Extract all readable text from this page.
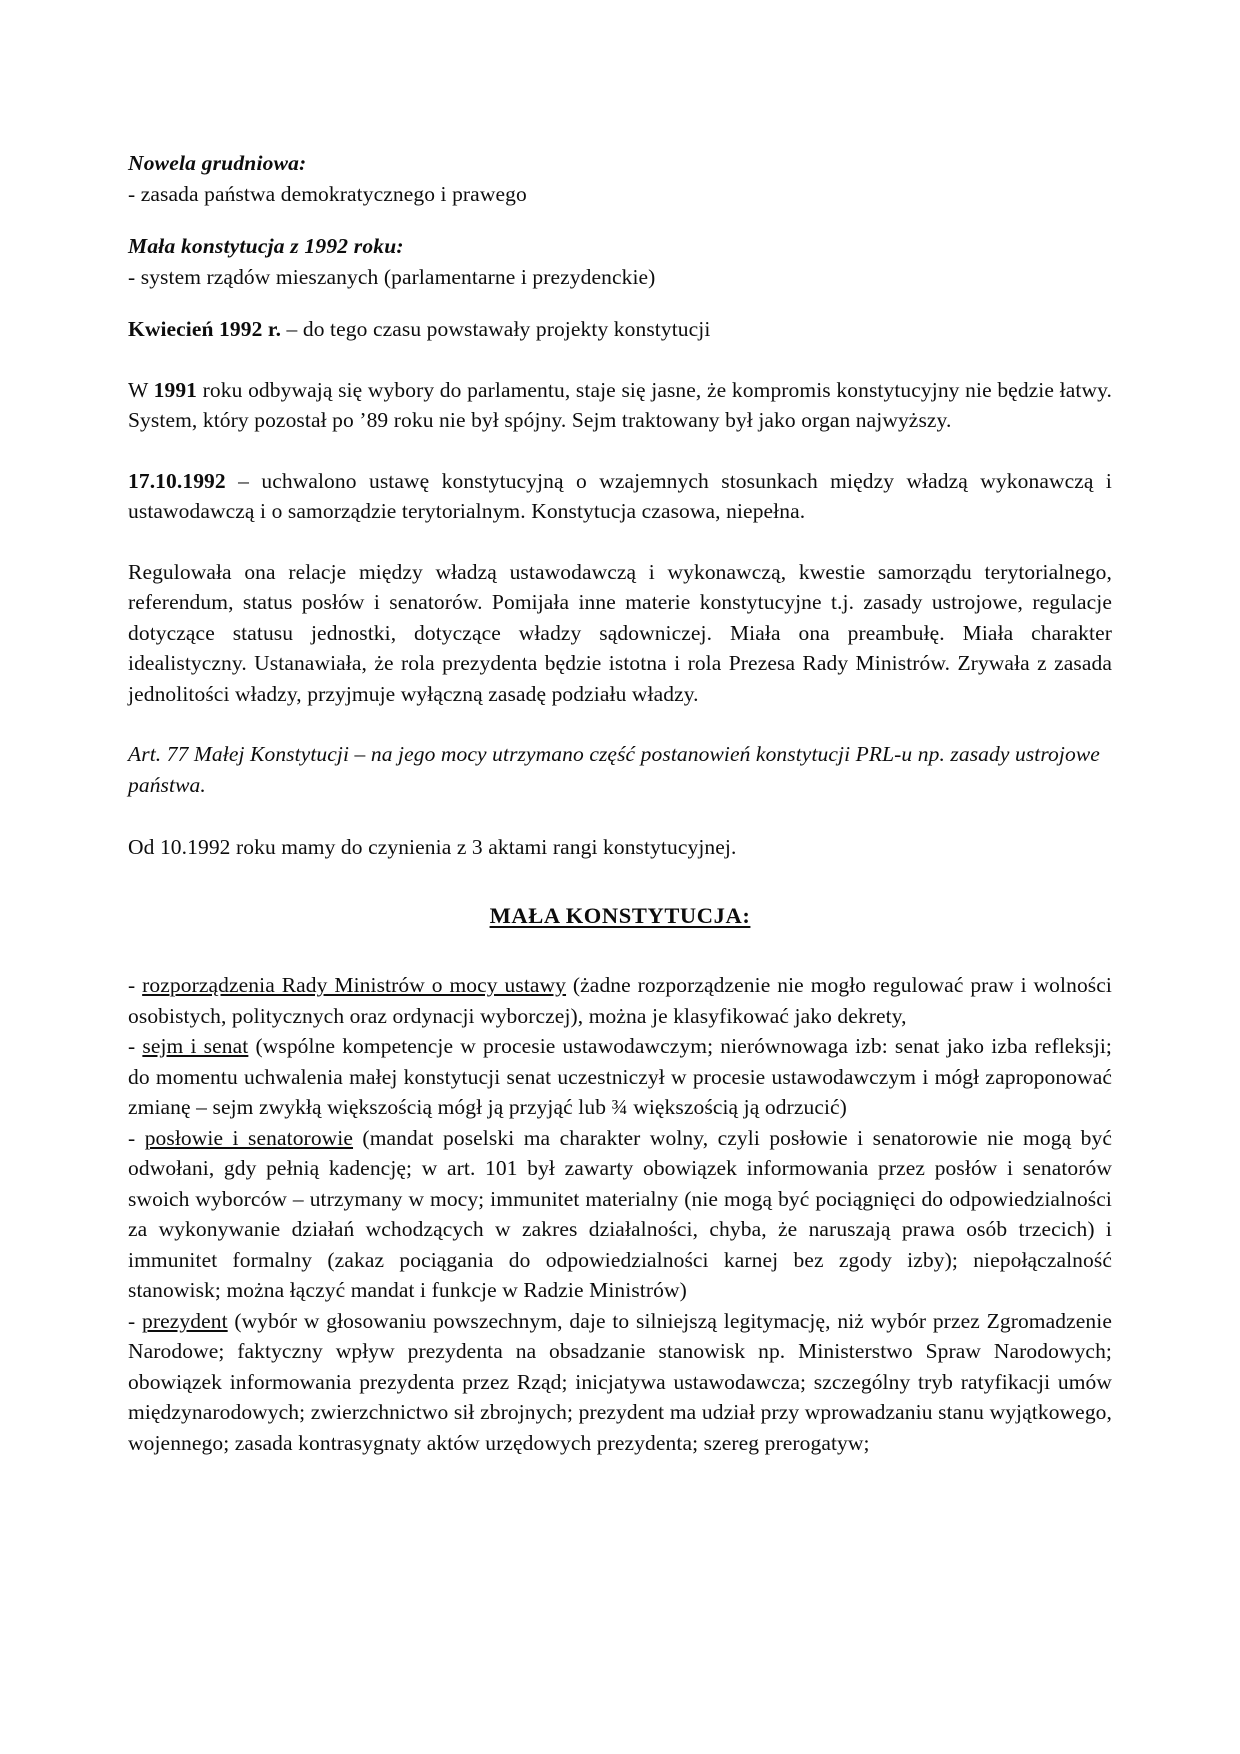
Nowela grudniowa:
- zasada państwa demokratycznego i prawego
Mała konstytucja z 1992 roku:
- system rządów mieszanych (parlamentarne i prezydenckie)
Kwiecień 1992 r. – do tego czasu powstawały projekty konstytucji
W 1991 roku odbywają się wybory do parlamentu, staje się jasne, że kompromis konstytucyjny nie będzie łatwy. System, który pozostał po ’89 roku nie był spójny. Sejm traktowany był jako organ najwyższy.
17.10.1992 – uchwalono ustawę konstytucyjną o wzajemnych stosunkach między władzą wykonawczą i ustawodawczą i o samorządzie terytorialnym. Konstytucja czasowa, niepełna.
Regulowała ona relacje między władzą ustawodawczą i wykonawczą, kwestie samorządu terytorialnego, referendum, status posłów i senatorów. Pomijała inne materie konstytucyjne t.j. zasady ustrojowe, regulacje dotyczące statusu jednostki, dotyczące władzy sądowniczej. Miała ona preambułę. Miała charakter idealistyczny. Ustanawiała, że rola prezydenta będzie istotna i rola Prezesa Rady Ministrów. Zrywała z zasada jednolitości władzy, przyjmuje wyłączną zasadę podziału władzy.
Art. 77 Małej Konstytucji – na jego mocy utrzymano część postanowień konstytucji PRL-u np. zasady ustrojowe państwa.
Od 10.1992 roku mamy do czynienia z 3 aktami rangi konstytucyjnej.
MAŁA KONSTYTUCJA:
- rozporządzenia Rady Ministrów o mocy ustawy (żadne rozporządzenie nie mogło regulować praw i wolności osobistych, politycznych oraz ordynacji wyborczej), można je klasyfikować jako dekrety,
- sejm i senat (wspólne kompetencje w procesie ustawodawczym; nierównowaga izb: senat jako izba refleksji; do momentu uchwalenia małej konstytucji senat uczestniczył w procesie ustawodawczym i mógł zaproponować zmianę – sejm zwykłą większością mógł ją przyjąć lub ¾ większością ją odrzucić)
- posłowie i senatorowie (mandat poselski ma charakter wolny, czyli posłowie i senatorowie nie mogą być odwołani, gdy pełnią kadencję; w art. 101 był zawarty obowiązek informowania przez posłów i senatorów swoich wyborców – utrzymany w mocy; immunitet materialny (nie mogą być pociągnięci do odpowiedzialności za wykonywanie działań wchodzących w zakres działalności, chyba, że naruszają prawa osób trzecich) i immunitet formalny (zakaz pociągania do odpowiedzialności karnej bez zgody izby); niepołączalność stanowisk; można łączyć mandat i funkcje w Radzie Ministrów)
- prezydent (wybór w głosowaniu powszechnym, daje to silniejszą legitymację, niż wybór przez Zgromadzenie Narodowe; faktyczny wpływ prezydenta na obsadzanie stanowisk np. Ministerstwo Spraw Narodowych; obowiązek informowania prezydenta przez Rząd; inicjatywa ustawodawcza; szczególny tryb ratyfikacji umów międzynarodowych; zwierzchnictwo sił zbrojnych; prezydent ma udział przy wprowadzaniu stanu wyjątkowego, wojennego; zasada kontrasygnaty aktów urzędowych prezydenta; szereg prerogatyw;
